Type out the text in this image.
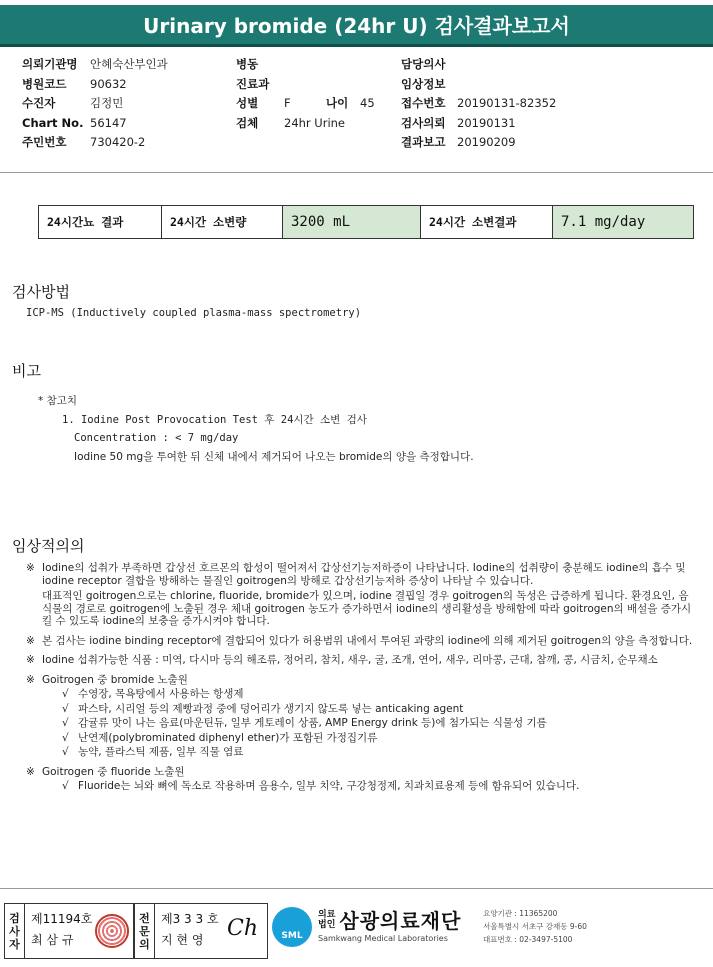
Urinary bromide (24hr U) 검사결과보고서
의뢰기관명	안혜숙산부인과
병원코드	90632
수진자	김정민
Chart No. 56147
주민번호	730420-2
병동
진료과
성별	F	나이	45
검체	24hr Urine
담당의사
임상정보
접수번호	20190131-82352
검사의뢰	20190131
결과보고	20190209
24시간뇨 결과	24시간 소변량	3200 mL	24시간 소변결과	7.1 mg/day
검사방법
ICP-MS (Inductively coupled plasma-mass spectrometry)
비고
* 참고치
1. Iodine Post Provocation Test 후 24시간 소변 검사
Concentration : < 7 mg/day
Iodine 50 mg을 투여한 뒤 신체 내에서 제거되어 나오는 bromide의 양을 측정합니다.
임상적의의
※ Iodine의 섭취가 부족하면 갑상선 호르몬의 합성이 떨어져서 갑상선기능저하증이 나타납니다. Iodine의 섭취량이 충분해도 iodine의 흡수 및 iodine receptor 결합을 방해하는 물질인 goitrogen의 방해로 갑상선기능저하 증상이 나타날 수 있습니다.
대표적인 goitrogen으로는 chlorine, fluoride, bromide가 있으며, iodine 결핍일 경우 goitrogen의 독성은 급증하게 됩니다. 환경요인, 음식물의 경로로 goitrogen에 노출된 경우 체내 goitrogen 농도가 증가하면서 iodine의 생리활성을 방해함에 따라 goitrogen의 배설을 증가시킬 수 있도록 iodine의 보충을 증가시켜야 합니다.
※ 본 검사는 iodine binding receptor에 결합되어 있다가 허용범위 내에서 투여된 과량의 iodine에 의해 제거된 goitrogen의 양을 측정합니다.
※ Iodine 섭취가능한 식품 : 미역, 다시마 등의 해조류, 정어리, 참치, 새우, 굴, 조개, 연어, 새우, 리마콩, 근대, 참깨, 콩, 시금치, 순무채소
※ Goitrogen 중 bromide 노출원
√ 수영장, 목욕탕에서 사용하는 항생제
√ 파스타, 시리얼 등의 제빵과정 중에 덩어리가 생기지 않도록 넣는 anticaking agent
√ 감귤류 맛이 나는 음료(마운틴듀, 일부 게토레이 상품, AMP Energy drink 등)에 첨가되는 식물성 기름
√ 난연제(polybrominated diphenyl ether)가 포함된 가정집기류
√ 농약, 플라스틱 제품, 일부 직물 염료
※ Goitrogen 중 fluoride 노출원
√ Fluoride는 뇌와 뼈에 독소로 작용하며 음용수, 일부 치약, 구강청정제, 치과치료용제 등에 함유되어 있습니다.
검
사
자
제11194호
최 삼 규
전
문
의
제3 3 3 호
지 현 영	Ch	SML
의료
법인 삼광의료재단
Samkwang Medical Laboratories
요양기관 : 11365200
서울특별시 서초구 강재동 9-60
대표번호 : 02-3497-5100
